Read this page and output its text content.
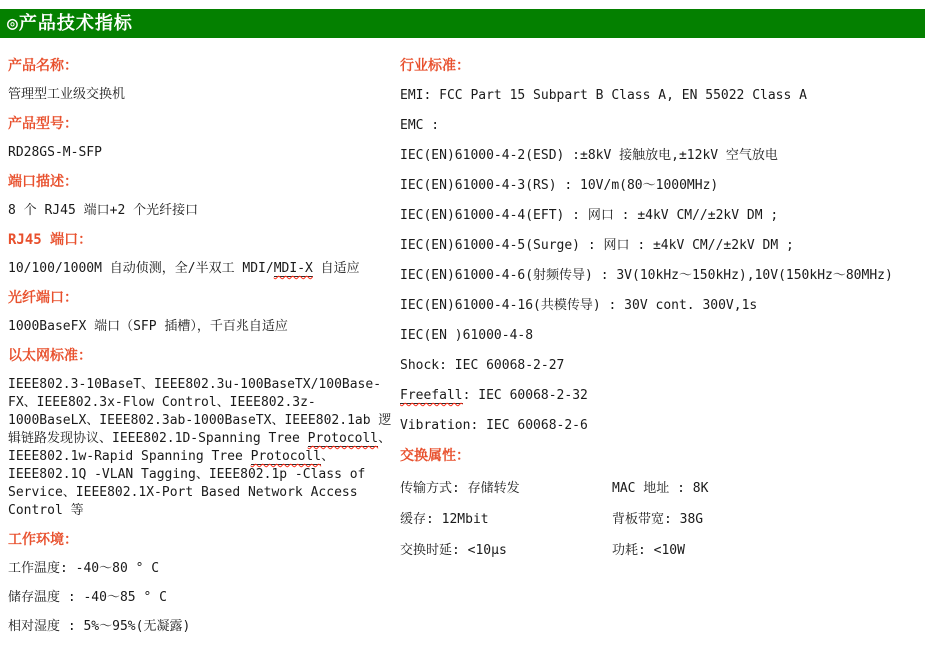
◎产品技术指标
产品名称：
管理型工业级交换机
产品型号：
RD28GS-M-SFP
端口描述：
8 个 RJ45 端口+2 个光纤接口
RJ45 端口：
10/100/1000M 自动侦测，全/半双工 MDI/MDI-X 自适应
光纤端口：
1000BaseFX 端口（SFP 插槽），千百兆自适应
以太网标准：
IEEE802.3-10BaseT、IEEE802.3u-100BaseTX/100Base-FX、IEEE802.3x-Flow Control、IEEE802.3z-1000BaseLX、IEEE802.3ab-1000BaseTX、IEEE802.1ab 逻辑链路发现协议、IEEE802.1D-Spanning Tree Protocoll、IEEE802.1w-Rapid Spanning Tree Protocoll、IEEE802.1Q -VLAN Tagging、IEEE802.1p -Class of Service、IEEE802.1X-Port Based Network Access Control 等
工作环境：
工作温度: -40～80 ° C
储存温度 : -40～85 ° C
相对湿度 : 5%～95%(无凝露)
行业标准：
EMI: FCC Part 15 Subpart B Class A, EN 55022 Class A
EMC :
IEC(EN)61000-4-2(ESD) :±8kV 接触放电,±12kV 空气放电
IEC(EN)61000-4-3(RS) : 10V/m(80～1000MHz)
IEC(EN)61000-4-4(EFT) : 网口 : ±4kV CM//±2kV DM ;
IEC(EN)61000-4-5(Surge) : 网口 : ±4kV CM//±2kV DM ;
IEC(EN)61000-4-6(射频传导) : 3V(10kHz～150kHz),10V(150kHz～80MHz)
IEC(EN)61000-4-16(共模传导) : 30V cont. 300V,1s
IEC(EN )61000-4-8
Shock: IEC 60068-2-27
Freefall: IEC 60068-2-32
Vibration: IEC 60068-2-6
交换属性：
传输方式: 存储转发	MAC 地址 : 8K
缓存: 12Mbit	背板带宽: 38G
交换时延: <10μs	功耗: <10W
